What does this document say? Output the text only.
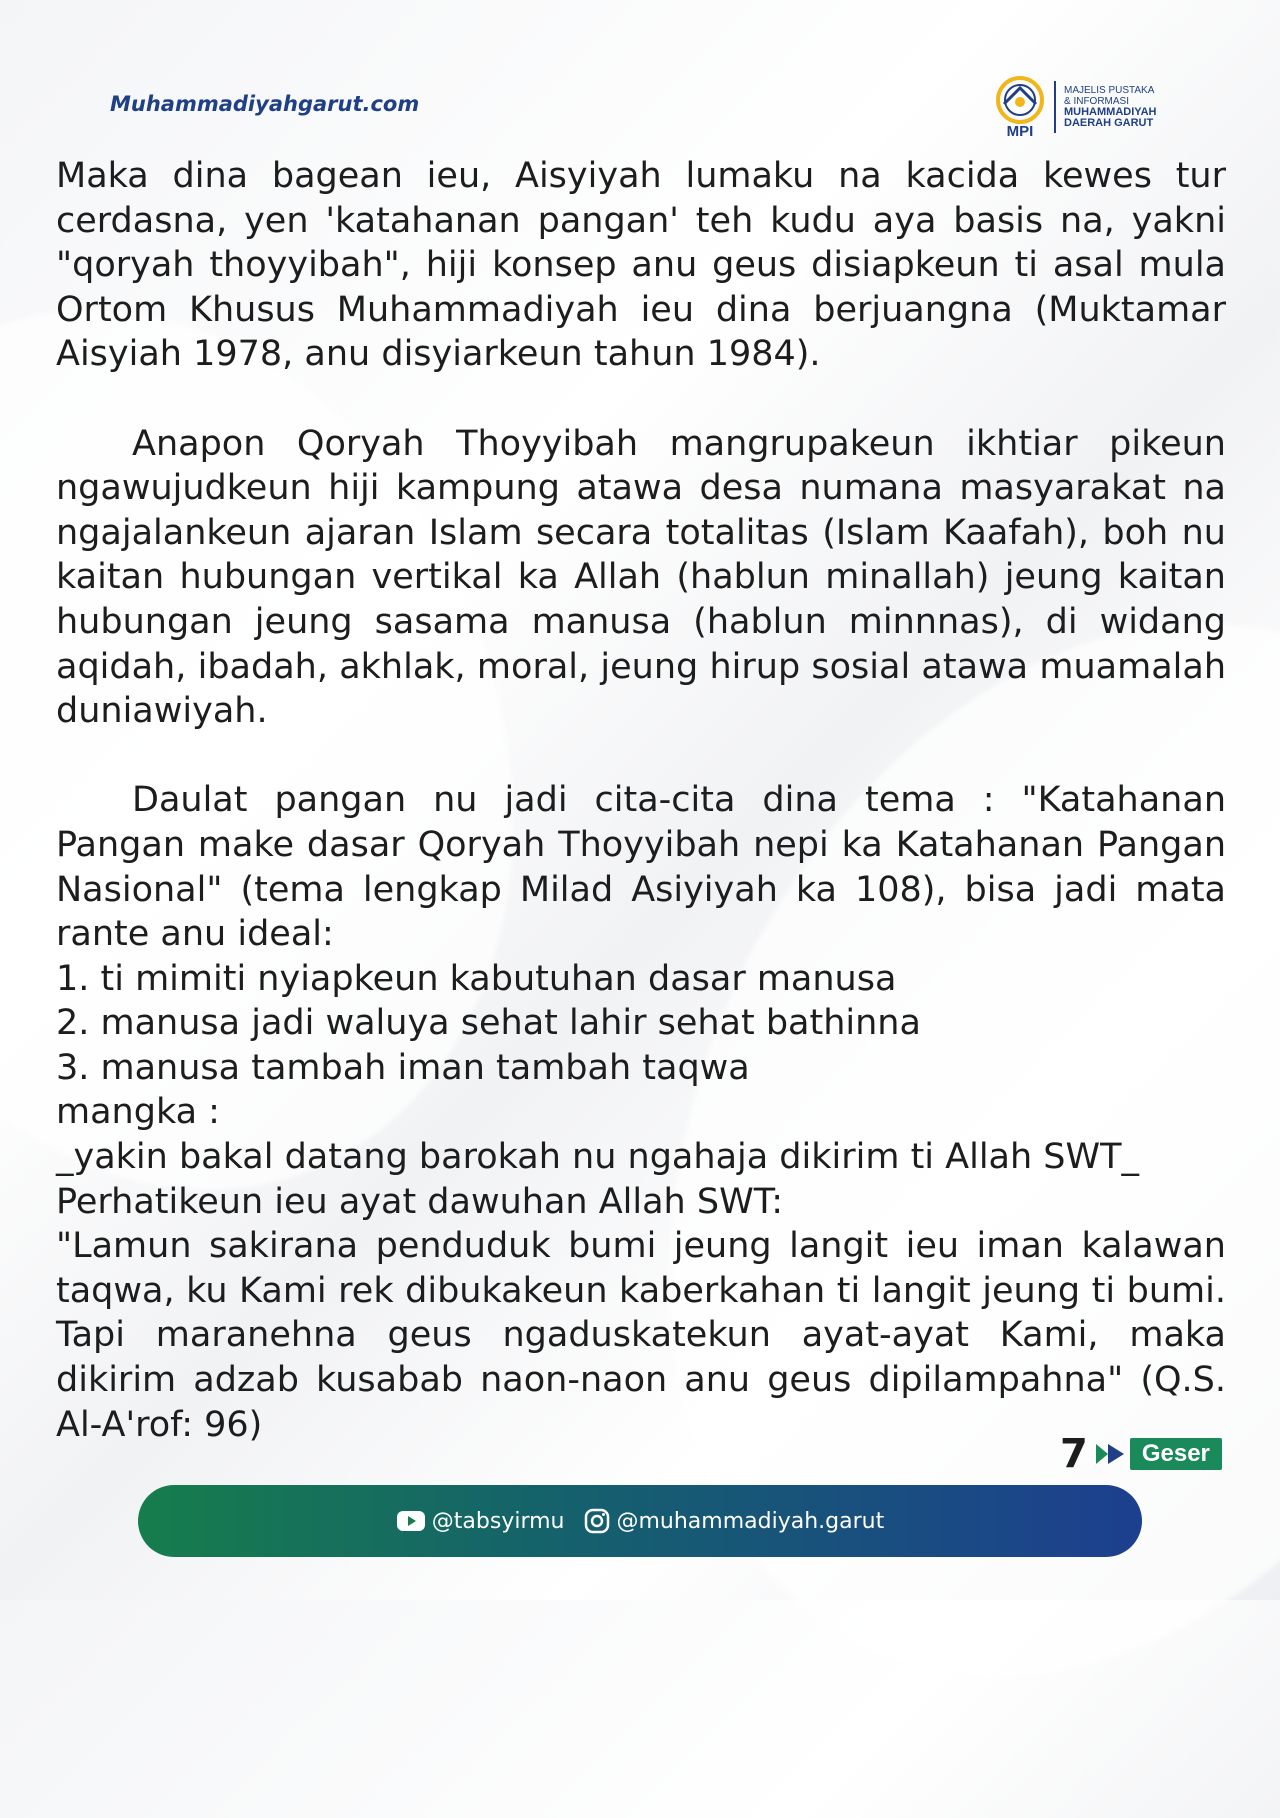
Muhammadiyahgarut.com
MPI
MAJELIS PUSTAKA
& INFORMASI
MUHAMMADIYAH
DAERAH GARUT

Maka dina bagean ieu, Aisyiyah lumaku na kacida kewes tur cerdasna, yen 'katahanan pangan' teh kudu aya basis na, yakni "qoryah thoyyibah", hiji konsep anu geus disiapkeun ti asal mula Ortom Khusus Muhammadiyah ieu dina berjuangna (Muktamar Aisyiah 1978, anu disyiarkeun tahun 1984).

Anapon Qoryah Thoyyibah mangrupakeun ikhtiar pikeun ngawujudkeun hiji kampung atawa desa numana masyarakat na ngajalankeun ajaran Islam secara totalitas (Islam Kaafah), boh nu kaitan hubungan vertikal ka Allah (hablun minallah) jeung kaitan hubungan jeung sasama manusa (hablun minnnas), di widang aqidah, ibadah, akhlak, moral, jeung hirup sosial atawa muamalah duniawiyah.

Daulat pangan nu jadi cita-cita dina tema : "Katahanan Pangan make dasar Qoryah Thoyyibah nepi ka Katahanan Pangan Nasional" (tema lengkap Milad Asiyiyah ka 108), bisa jadi mata rante anu ideal:

1. ti mimiti nyiapkeun kabutuhan dasar manusa
2. manusa jadi waluya sehat lahir sehat bathinna
3. manusa tambah iman tambah taqwa
mangka :
_yakin bakal datang barokah nu ngahaja dikirim ti Allah SWT_
Perhatikeun ieu ayat dawuhan Allah SWT:

"Lamun sakirana penduduk bumi jeung langit ieu iman kalawan taqwa, ku Kami rek dibukakeun kaberkahan ti langit jeung ti bumi. Tapi maranehna geus ngaduskatekun ayat-ayat Kami, maka dikirim adzab kusabab naon-naon anu geus dipilampahna" (Q.S. Al-A'rof: 96)

7	Geser
@tabsyirmu @muhammadiyah.garut
